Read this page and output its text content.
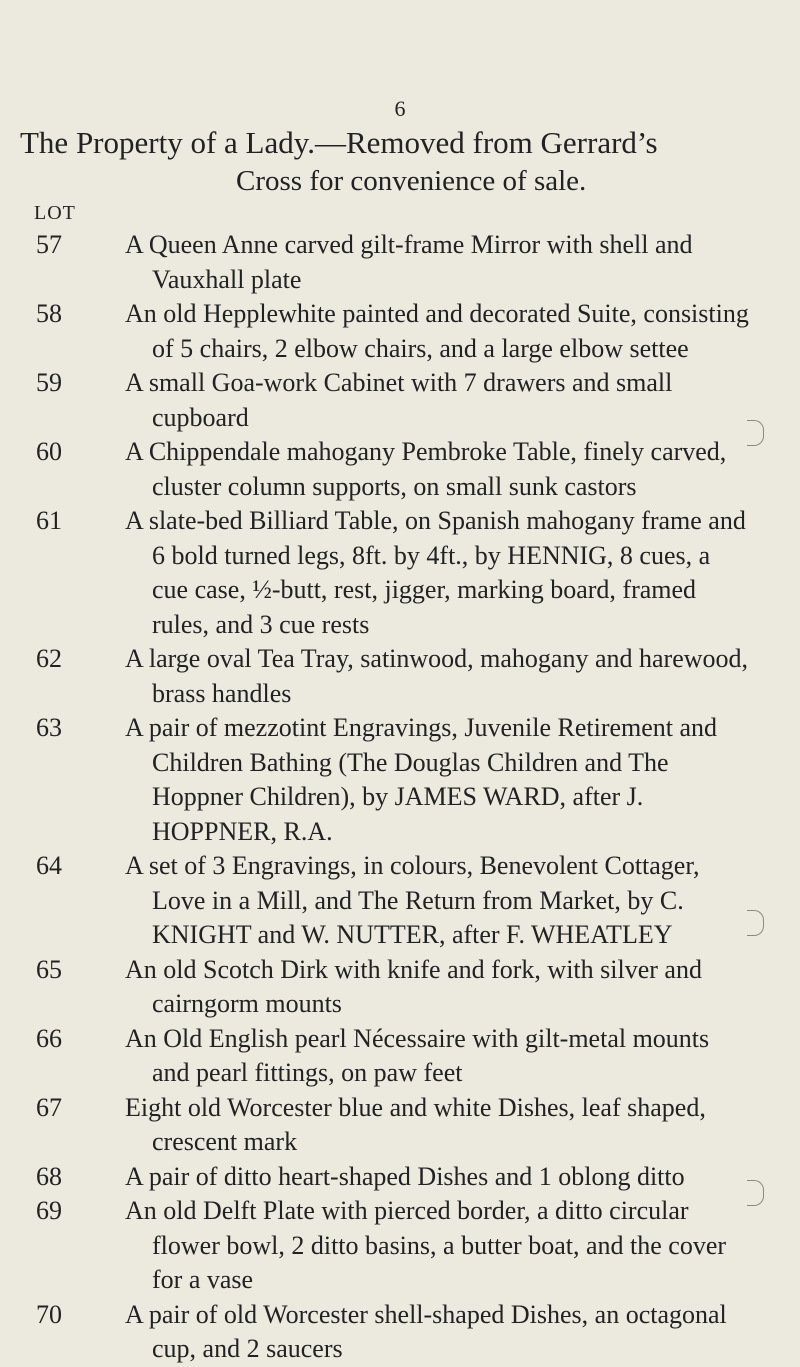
6
The Property of a Lady.—Removed from Gerrard’s
Cross for convenience of sale.
LOT
57 A Queen Anne carved gilt-frame Mirror with shell and Vauxhall plate
58 An old Hepplewhite painted and decorated Suite, consisting of 5 chairs, 2 elbow chairs, and a large elbow settee
59 A small Goa-work Cabinet with 7 drawers and small cupboard
60 A Chippendale mahogany Pembroke Table, finely carved, cluster column supports, on small sunk castors
61 A slate-bed Billiard Table, on Spanish mahogany frame and 6 bold turned legs, 8ft. by 4ft., by HENNIG, 8 cues, a cue case, ½-butt, rest, jigger, marking board, framed rules, and 3 cue rests
62 A large oval Tea Tray, satinwood, mahogany and harewood, brass handles
63 A pair of mezzotint Engravings, Juvenile Retirement and Children Bathing (The Douglas Children and The Hoppner Children), by JAMES WARD, after J. HOPPNER, R.A.
64 A set of 3 Engravings, in colours, Benevolent Cottager, Love in a Mill, and The Return from Market, by C. KNIGHT and W. NUTTER, after F. WHEATLEY
65 An old Scotch Dirk with knife and fork, with silver and cairngorm mounts
66 An Old English pearl Nécessaire with gilt-metal mounts and pearl fittings, on paw feet
67 Eight old Worcester blue and white Dishes, leaf shaped, crescent mark
68 A pair of ditto heart-shaped Dishes and 1 oblong ditto
69 An old Delft Plate with pierced border, a ditto circular flower bowl, 2 ditto basins, a butter boat, and the cover for a vase
70 A pair of old Worcester shell-shaped Dishes, an octagonal cup, and 2 saucers
